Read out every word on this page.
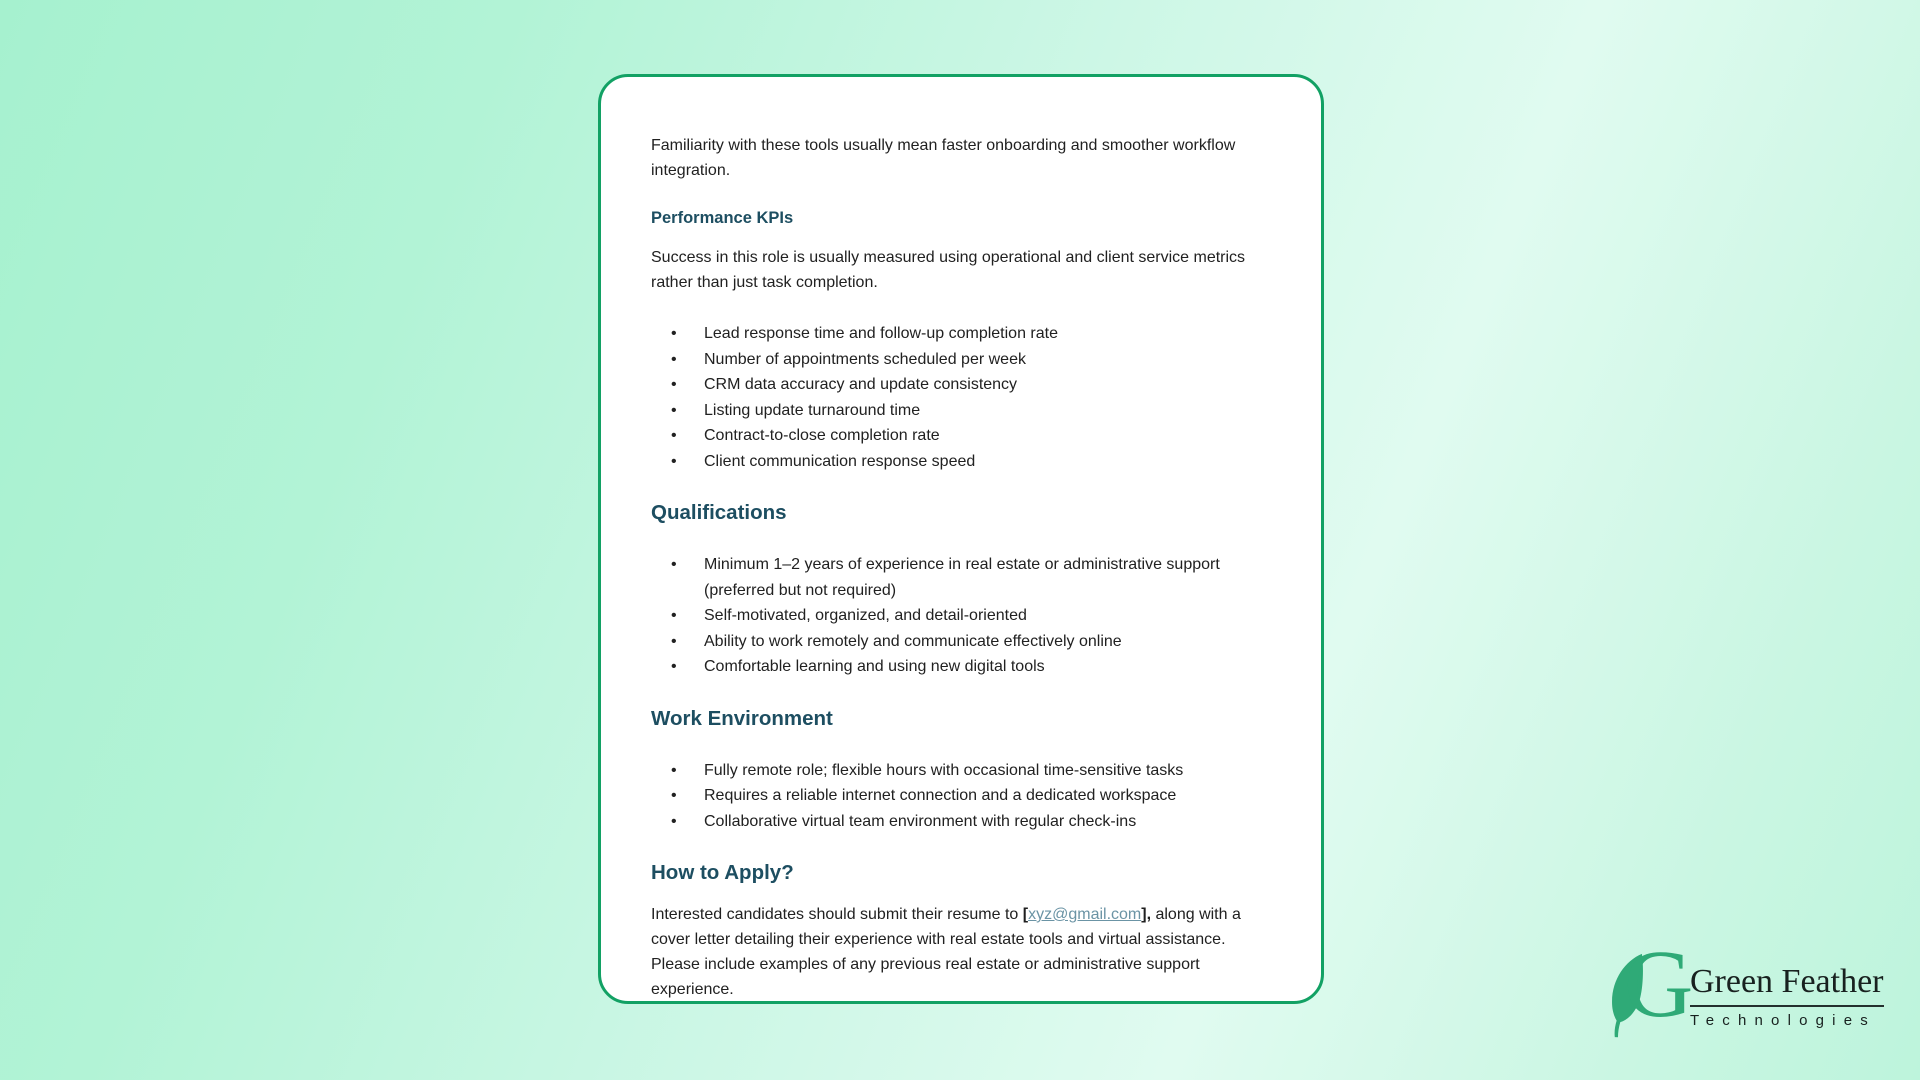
Familiarity with these tools usually mean faster onboarding and smoother workflow integration.

Performance KPIs

Success in this role is usually measured using operational and client service metrics rather than just task completion.

• Lead response time and follow-up completion rate
• Number of appointments scheduled per week
• CRM data accuracy and update consistency
• Listing update turnaround time
• Contract-to-close completion rate
• Client communication response speed
Qualifications
• Minimum 1–2 years of experience in real estate or administrative support (preferred but not required)
• Self-motivated, organized, and detail-oriented
• Ability to work remotely and communicate effectively online
• Comfortable learning and using new digital tools
Work Environment
• Fully remote role; flexible hours with occasional time-sensitive tasks
• Requires a reliable internet connection and a dedicated workspace
• Collaborative virtual team environment with regular check-ins
How to Apply?

Interested candidates should submit their resume to [xyz@gmail.com], along with a cover letter detailing their experience with real estate tools and virtual assistance. Please include examples of any previous real estate or administrative support experience.	G
Green Feather
Technologies
